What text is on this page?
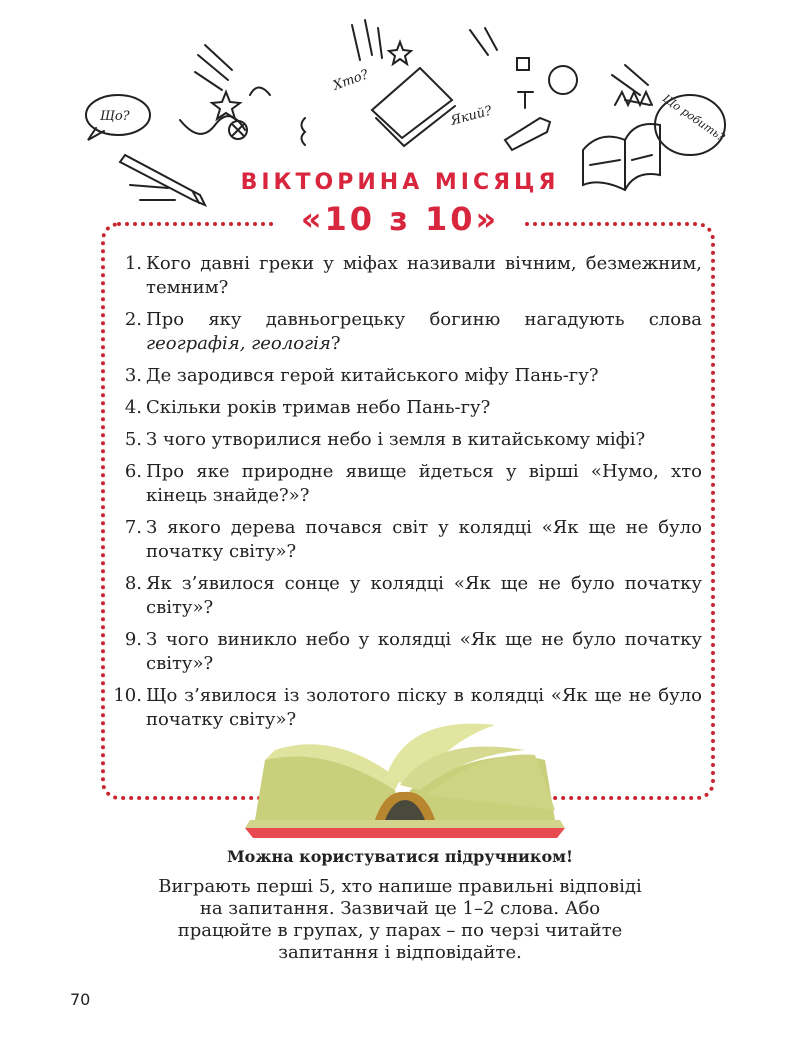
Що?
Хто?
Який?	Що робить?
ВІКТОРИНА МІСЯЦЯ
«10 з 10»
1. Кого давні греки у міфах називали вічним, безмежним, темним?
2. Про яку давньогрецьку богиню нагадують слова географія, геологія?
3. Де зародився герой китайського міфу Пань-гу?
4. Скільки років тримав небо Пань-гу?
5. З чого утворилися небо і земля в китайському міфі?
6. Про яке природне явище йдеться у вірші «Нумо, хто кінець знайде?»?
7. З якого дерева почався світ у колядці «Як ще не було початку світу»?
8. Як з’явилося сонце у колядці «Як ще не було початку світу»?
9. З чого виникло небо у колядці «Як ще не було початку світу»?
10. Що з’явилося із золотого піску в колядці «Як ще не було початку світу»?
Можна користуватися підручником!

Виграють перші 5, хто напише правильні відповіді на запитання. Зазвичай це 1–2 слова. Або працюйте в групах, у парах – по черзі читайте запитання і відповідайте.

70
